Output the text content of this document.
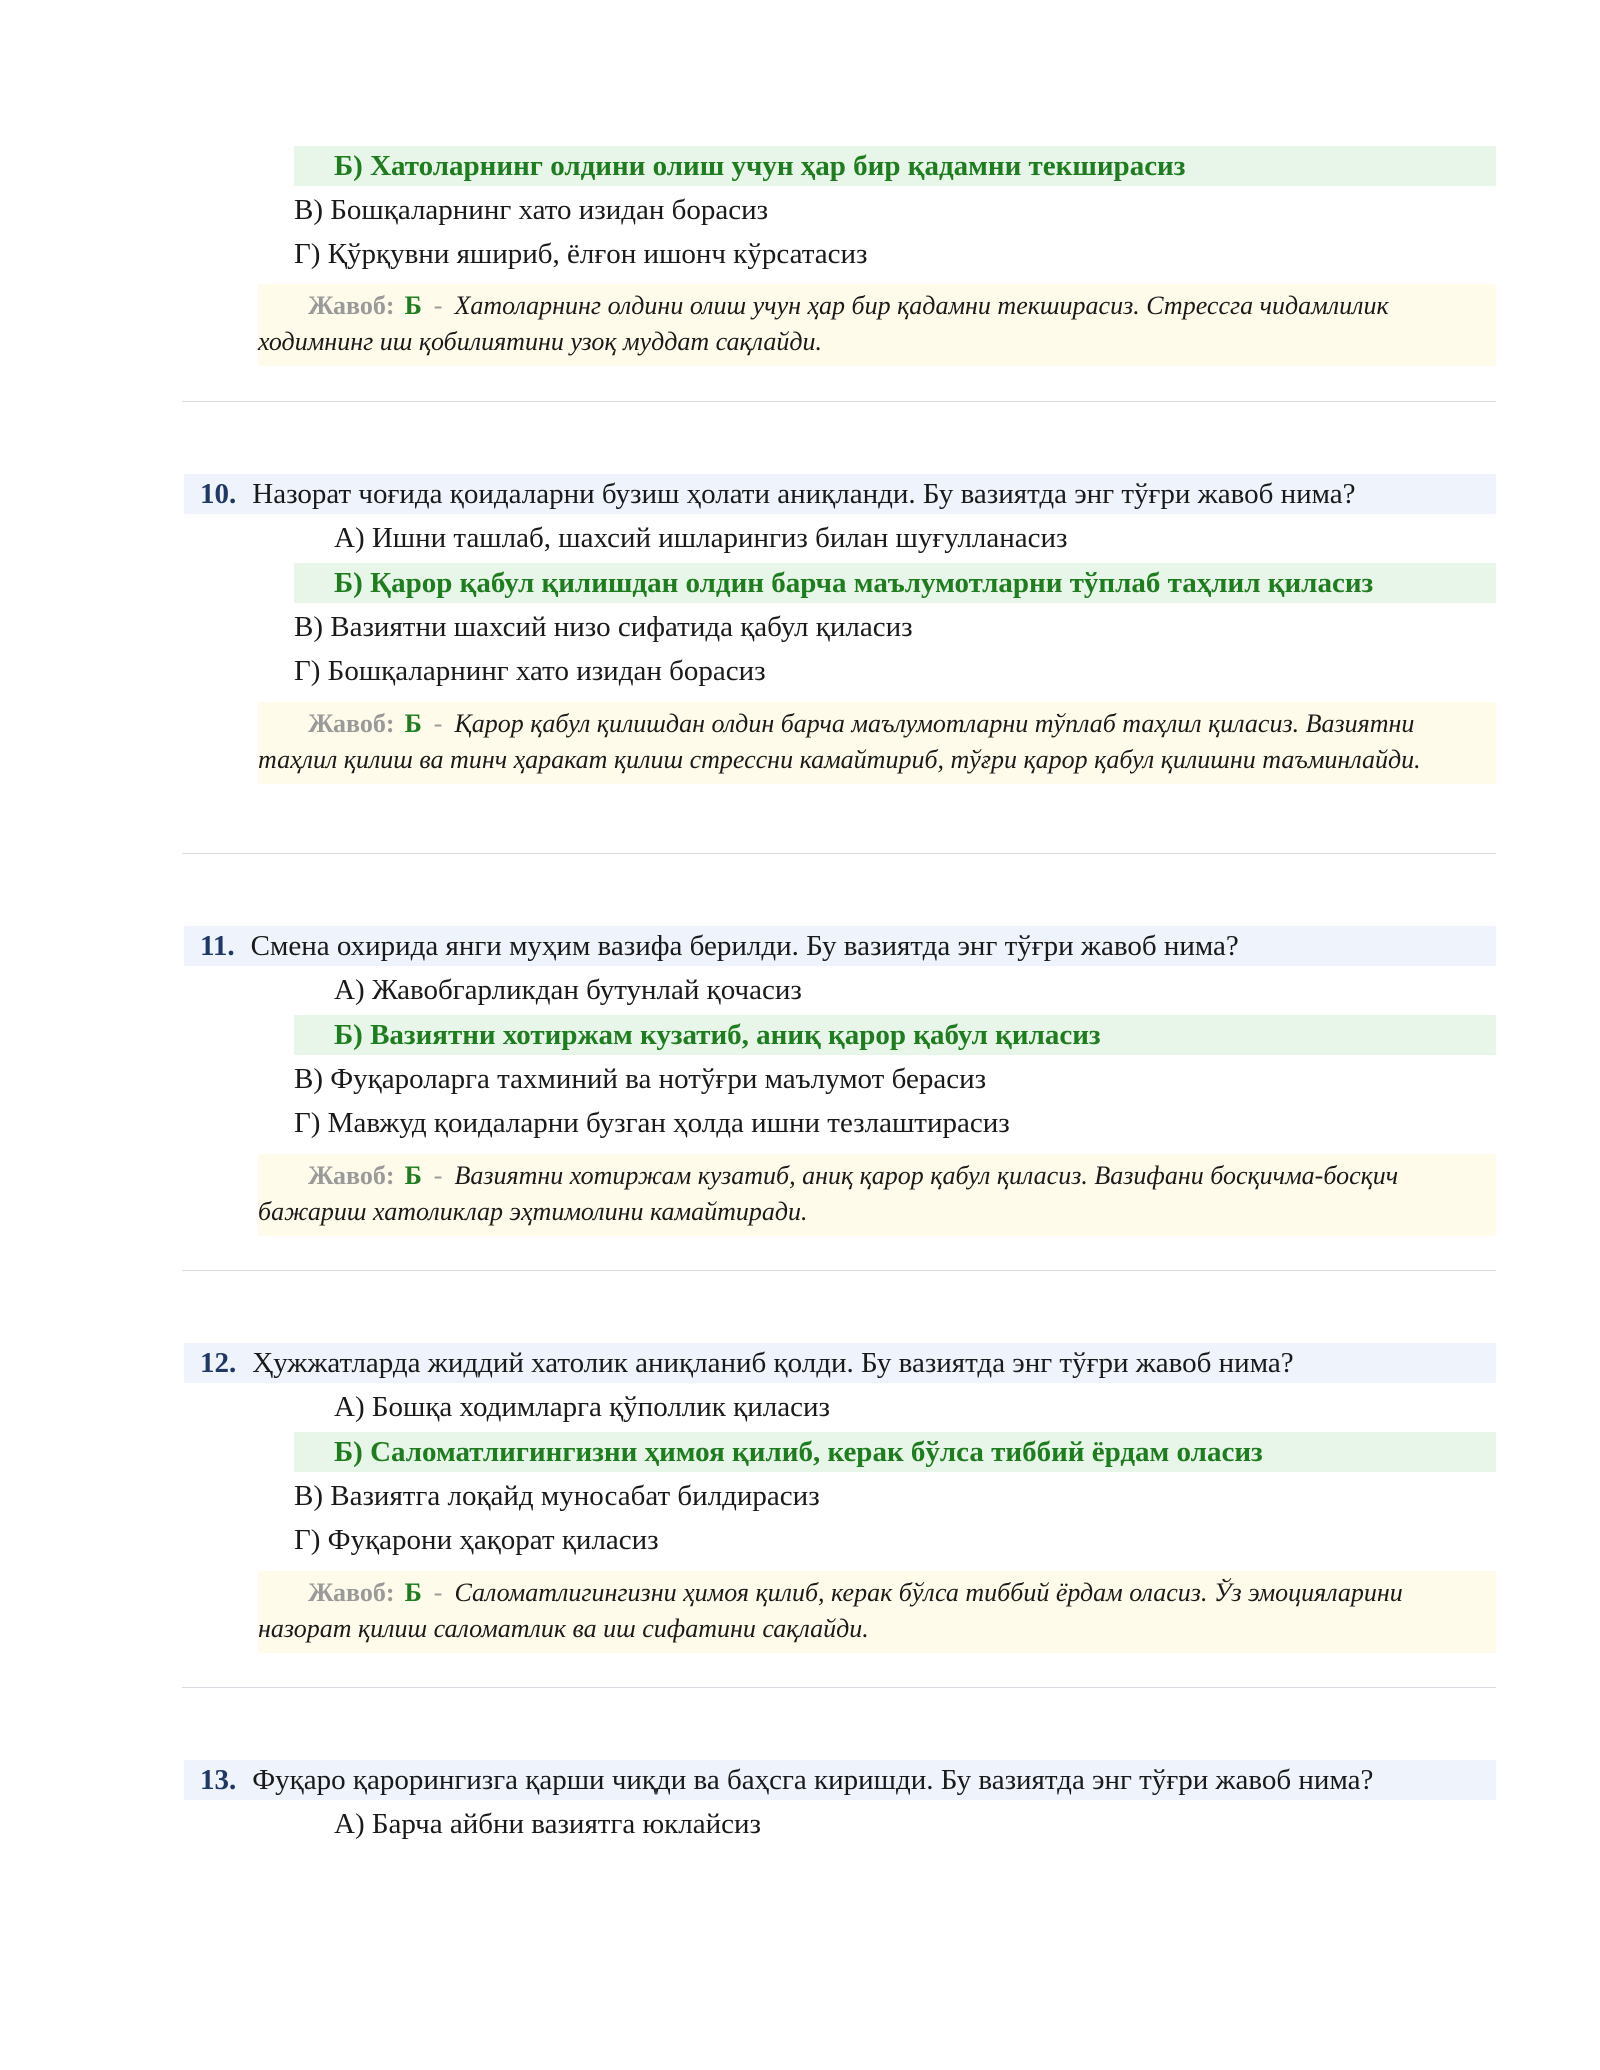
Б) Хатоларнинг олдини олиш учун ҳар бир қадамни текширасиз
В) Бошқаларнинг хато изидан борасиз
Г) Қўрқувни яшириб, ёлғон ишонч кўрсатасиз
Жавоб: Б - Хатоларнинг олдини олиш учун ҳар бир қадамни текширасиз. Стрессга чидамлилик ходимнинг иш қобилиятини узоқ муддат сақлайди.
10. Назорат чоғида қоидаларни бузиш ҳолати аниқланди. Бу вазиятда энг тўғри жавоб нима?
А) Ишни ташлаб, шахсий ишларингиз билан шуғулланасиз
Б) Қарор қабул қилишдан олдин барча маълумотларни тўплаб таҳлил қиласиз
В) Вазиятни шахсий низо сифатида қабул қиласиз
Г) Бошқаларнинг хато изидан борасиз
Жавоб: Б - Қарор қабул қилишдан олдин барча маълумотларни тўплаб таҳлил қиласиз. Вазиятни таҳлил қилиш ва тинч ҳаракат қилиш стрессни камайтириб, тўғри қарор қабул қилишни таъминлайди.
11. Смена охирида янги муҳим вазифа берилди. Бу вазиятда энг тўғри жавоб нима?
А) Жавобгарликдан бутунлай қочасиз
Б) Вазиятни хотиржам кузатиб, аниқ қарор қабул қиласиз
В) Фуқароларга тахминий ва нотўғри маълумот берасиз
Г) Мавжуд қоидаларни бузган ҳолда ишни тезлаштирасиз
Жавоб: Б - Вазиятни хотиржам кузатиб, аниқ қарор қабул қиласиз. Вазифани босқичма-босқич бажариш хатоликлар эҳтимолини камайтиради.
12. Ҳужжатларда жиддий хатолик аниқланиб қолди. Бу вазиятда энг тўғри жавоб нима?
А) Бошқа ходимларга қўполлик қиласиз
Б) Саломатлигингизни ҳимоя қилиб, керак бўлса тиббий ёрдам оласиз
В) Вазиятга лоқайд муносабат билдирасиз
Г) Фуқарони ҳақорат қиласиз
Жавоб: Б - Саломатлигингизни ҳимоя қилиб, керак бўлса тиббий ёрдам оласиз. Ўз эмоцияларини назорат қилиш саломатлик ва иш сифатини сақлайди.
13. Фуқаро қарорингизга қарши чиқди ва баҳсга киришди. Бу вазиятда энг тўғри жавоб нима?
А) Барча айбни вазиятга юклайсиз
